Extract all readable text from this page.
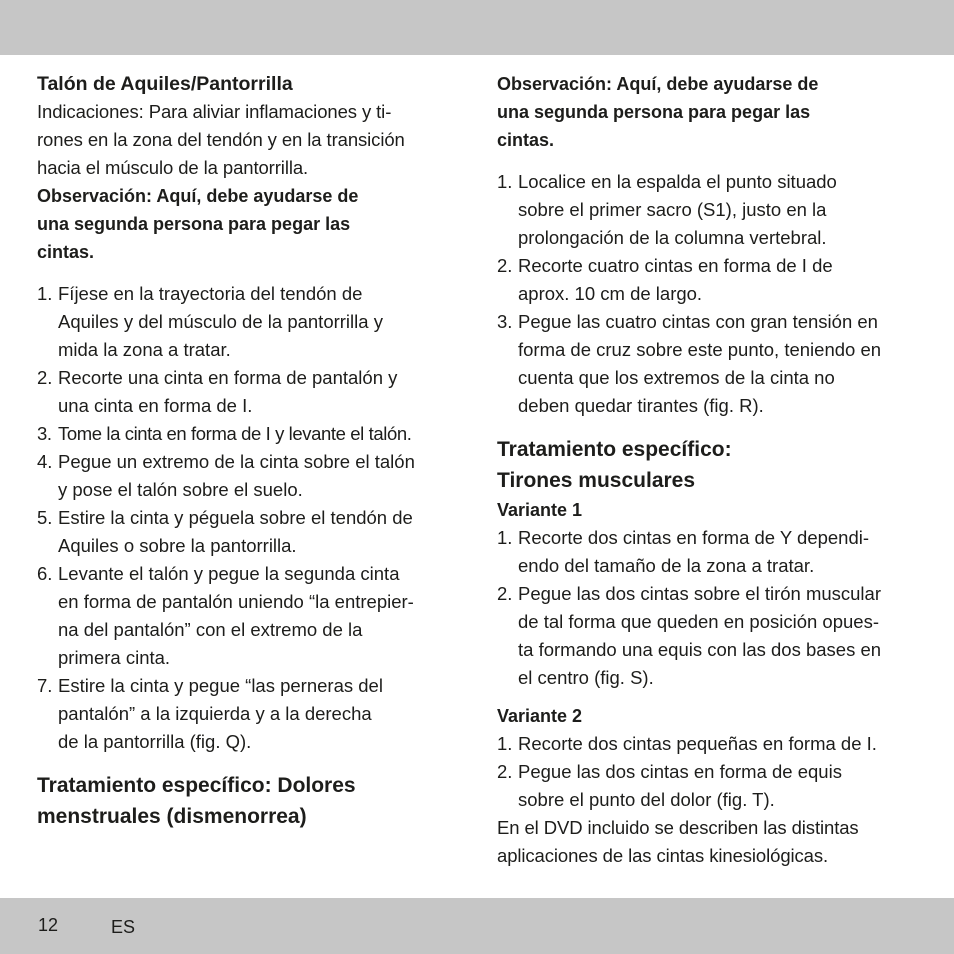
Talón de Aquiles/Pantorrilla

Indicaciones: Para aliviar inflamaciones y ti-

rones en la zona del tendón y en la transición

hacia el músculo de la pantorrilla.

Observación: Aquí, debe ayudarse de

una segunda persona para pegar las

cintas.

1. Fíjese en la trayectoria del tendón de
Aquiles y del músculo de la pantorrilla y
mida la zona a tratar.
2. Recorte una cinta en forma de pantalón y
una cinta en forma de I.
3. Tome la cinta en forma de I y levante el talón.
4. Pegue un extremo de la cinta sobre el talón
y pose el talón sobre el suelo.
5. Estire la cinta y péguela sobre el tendón de
Aquiles o sobre la pantorrilla.
6. Levante el talón y pegue la segunda cinta
en forma de pantalón uniendo “la entrepier-
na del pantalón” con el extremo de la
primera cinta.
7. Estire la cinta y pegue “las perneras del
pantalón” a la izquierda y a la derecha
de la pantorrilla (fig. Q).
Tratamiento específico: Dolores
menstruales (dismenorrea)

Observación: Aquí, debe ayudarse de

una segunda persona para pegar las

cintas.

1. Localice en la espalda el punto situado
sobre el primer sacro (S1), justo en la
prolongación de la columna vertebral.
2. Recorte cuatro cintas en forma de I de
aprox. 10 cm de largo.
3. Pegue las cuatro cintas con gran tensión en
forma de cruz sobre este punto, teniendo en
cuenta que los extremos de la cinta no
deben quedar tirantes (fig. R).
Tratamiento específico:
Tirones musculares

Variante 1

1. Recorte dos cintas en forma de Y dependi-
endo del tamaño de la zona a tratar.
2. Pegue las dos cintas sobre el tirón muscular
de tal forma que queden en posición opues-
ta formando una equis con las dos bases en
el centro (fig. S).

Variante 2

1. Recorte dos cintas pequeñas en forma de I.
2. Pegue las dos cintas en forma de equis
sobre el punto del dolor (fig. T).

En el DVD incluido se describen las distintas

aplicaciones de las cintas kinesiológicas.

12	ES
